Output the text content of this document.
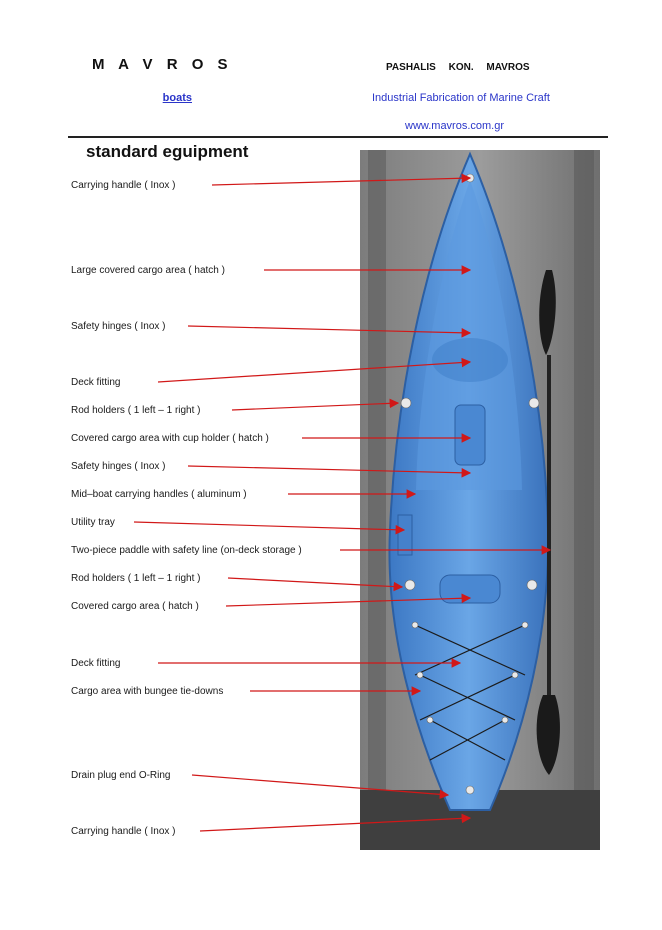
M A V R O S	PASHALIS KON. MAVROS
boats	Industrial Fabrication of Marine Craft
www.mavros.com.gr
standard eguipment
Carrying handle ( Inox )
Large covered cargo area ( hatch )
Safety hinges ( Inox )
Deck fitting
Rod holders ( 1 left – 1 right )
Covered cargo area with cup holder ( hatch )
Safety hinges ( Inox )
Mid–boat carrying handles ( aluminum )
Utility tray
Two-piece paddle with safety line (on-deck storage )
Rod holders ( 1 left – 1 right )
Covered cargo area ( hatch )
Deck fitting
Cargo area with bungee tie-downs
Drain plug end O-Ring
Carrying handle ( Inox )
